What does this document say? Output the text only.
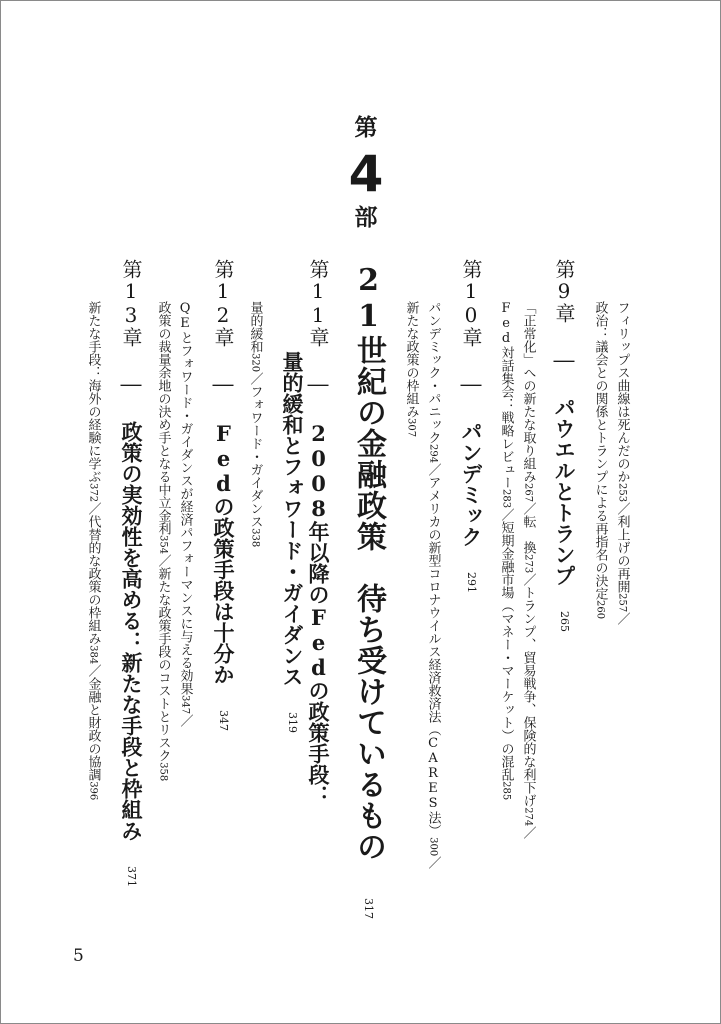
第
4
部
21世紀の金融政策　待ち受けているもの 317
第9章 ― パウエルとトランプ 265
フィリップス曲線は死んだのか253／利上げの再開257／
政治：議会との関係とトランプによる再指名の決定260
「正常化」への新たな取り組み267／転　換273／トランプ、貿易戦争、保険的な利下げ274／
Fed対話集会：戦略レビュー283／短期金融市場（マネー・マーケット）の混乱285
第10章 ― パンデミック 291
パンデミック・パニック294／アメリカの新型コロナウイルス経済救済法（CARES法）300／
新たな政策の枠組み307
第11章 ― 2008年以降のFedの政策手段：
量的緩和とフォワード・ガイダンス 319
量的緩和320／フォワード・ガイダンス338
第12章 ― Fedの政策手段は十分か 347
QEとフォワード・ガイダンスが経済パフォーマンスに与える効果347／
政策の裁量余地の決め手となる中立金利354／新たな政策手段のコストとリスク358
第13章 ― 政策の実効性を高める：新たな手段と枠組み 371
新たな手段：海外の経験に学ぶ372／代替的な政策の枠組み384／金融と財政の協調396
5
